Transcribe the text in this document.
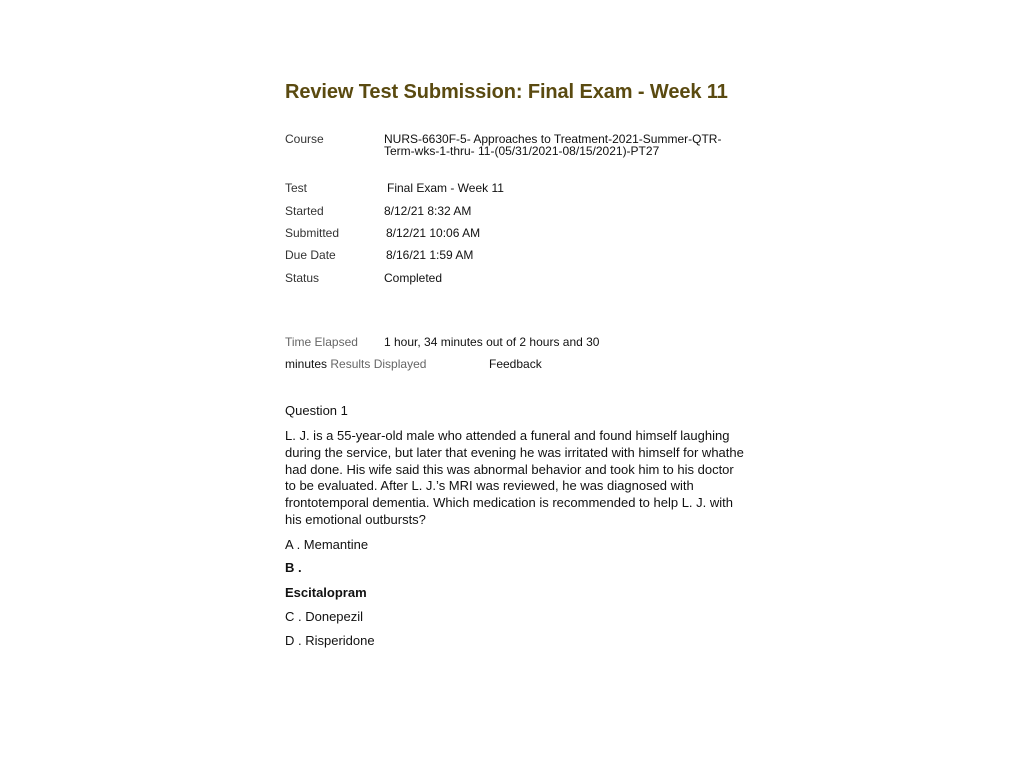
Review Test Submission: Final Exam - Week 11
Course	NURS-6630F-5- Approaches to Treatment-2021-Summer-QTR-Term-wks-1-thru- 11-(05/31/2021-08/15/2021)-PT27
Test	Final Exam - Week 11
Started	8/12/21 8:32 AM
Submitted	8/12/21 10:06 AM
Due Date	8/16/21 1:59 AM
Status	Completed
Time Elapsed 1 hour, 34 minutes out of 2 hours and 30
minutes Results Displayed	Feedback
Question 1
L. J. is a 55-year-old male who attended a funeral and found himself laughing during the service, but later that evening he was irritated with himself for whathe had done. His wife said this was abnormal behavior and took him to his doctor to be evaluated. After L. J.’s MRI was reviewed, he was diagnosed with frontotemporal dementia. Which medication is recommended to help L. J. with his emotional outbursts?
A . Memantine
B .
Escitalopram
C . Donepezil
D . Risperidone
